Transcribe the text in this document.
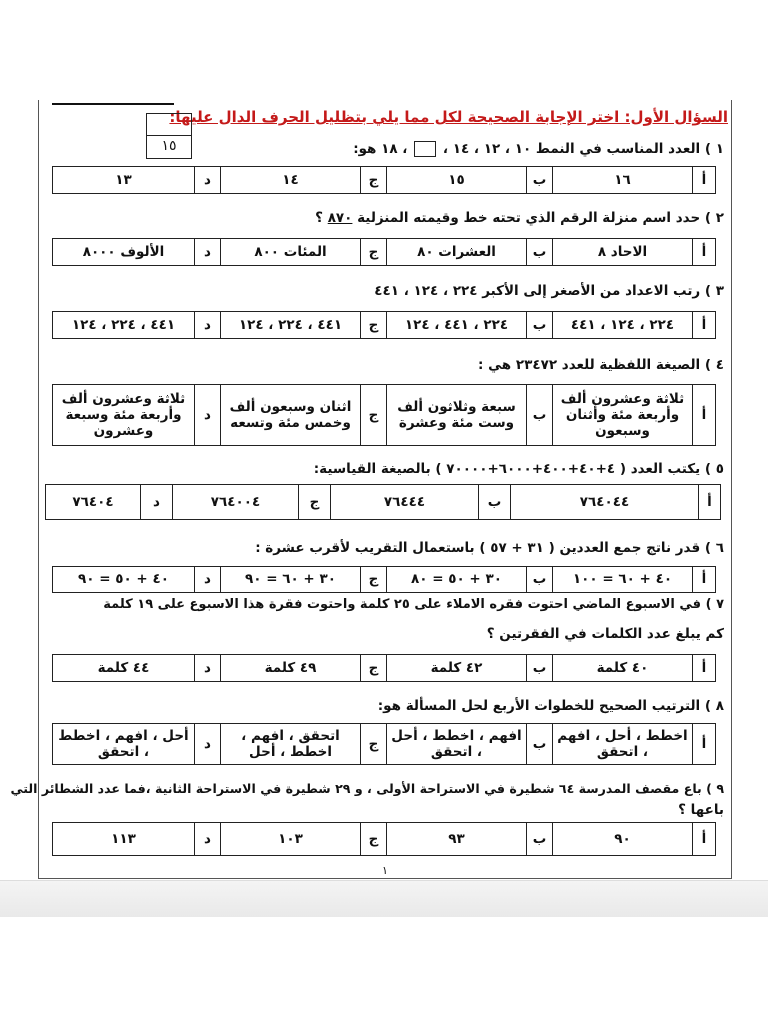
السؤال الأول: اختر الإجابة الصحيحة لكل مما يلي بتظليل الحرف الدال عليها:
١٥	١ ) العدد المناسب في النمط ١٠ ، ١٢ ، ١٤ ،  ، ١٨ هو:
أ	١٦	ب	١٥	ج	١٤	د	١٣
٢ ) حدد اسم منزلة الرقم الذي تحته خط وقيمته المنزلية ٨٧٠ ؟
أ	الاحاد ٨	ب	العشرات ٨٠	ج	المئات ٨٠٠	د	الألوف ٨٠٠٠
٣ ) رتب الاعداد من الأصغر إلى الأكبر ٢٢٤ ، ١٢٤ ، ٤٤١
أ	٢٢٤ ، ١٢٤ ، ٤٤١	ب	٢٢٤ ، ٤٤١ ، ١٢٤	ج	٤٤١ ، ٢٢٤ ، ١٢٤	د	٤٤١ ، ٢٢٤ ، ١٢٤
٤ ) الصيغة اللفظية للعدد ٢٣٤٧٢ هي :
أ	ثلاثة وعشرون ألف وأربعة مئة وأثنان وسبعون	ب	سبعة وثلاثون ألف وست مئة وعشرة	ج	اثنان وسبعون ألف وخمس مئة وتسعه	د	ثلاثة وعشرون ألف وأربعة مئة وسبعة وعشرون
٥ ) يكتب العدد ( ٤+٤٠+٤٠٠+٦٠٠٠+٧٠٠٠٠ ) بالصيغة القياسية:
أ	٧٦٤٠٤٤	ب	٧٦٤٤٤	ج	٧٦٤٠٠٤	د	٧٦٤٠٤
٦ ) قدر ناتج جمع العددين ( ٣١ + ٥٧ ) باستعمال التقريب لأقرب عشرة :
أ	٤٠ + ٦٠ = ١٠٠	ب	٣٠ + ٥٠ = ٨٠	ج	٣٠ + ٦٠ = ٩٠	د	٤٠ + ٥٠ = ٩٠
٧ ) في الاسبوع الماضي احتوت فقره الاملاء على ٢٥ كلمة واحتوت فقرة هذا الاسبوع على ١٩ كلمة
كم يبلغ عدد الكلمات في الفقرتين ؟
أ	٤٠ كلمة	ب	٤٢ كلمة	ج	٤٩ كلمة	د	٤٤ كلمة
٨ ) الترتيب الصحيح للخطوات الأربع لحل المسألة هو:
أ	اخطط ، أحل ، افهم ، اتحقق	ب	افهم ، اخطط ، أحل ، اتحقق	ج	اتحقق ، افهم ، اخطط ، أحل	د	أحل ، افهم ، اخطط ، اتحقق
٩ ) باع مقصف المدرسة ٦٤ شطيرة في الاستراحة الأولى ، و ٢٩ شطيرة في الاستراحة الثانية ،فما عدد الشطائر التي
باعها ؟
أ	٩٠	ب	٩٣	ج	١٠٣	د	١١٣
١
